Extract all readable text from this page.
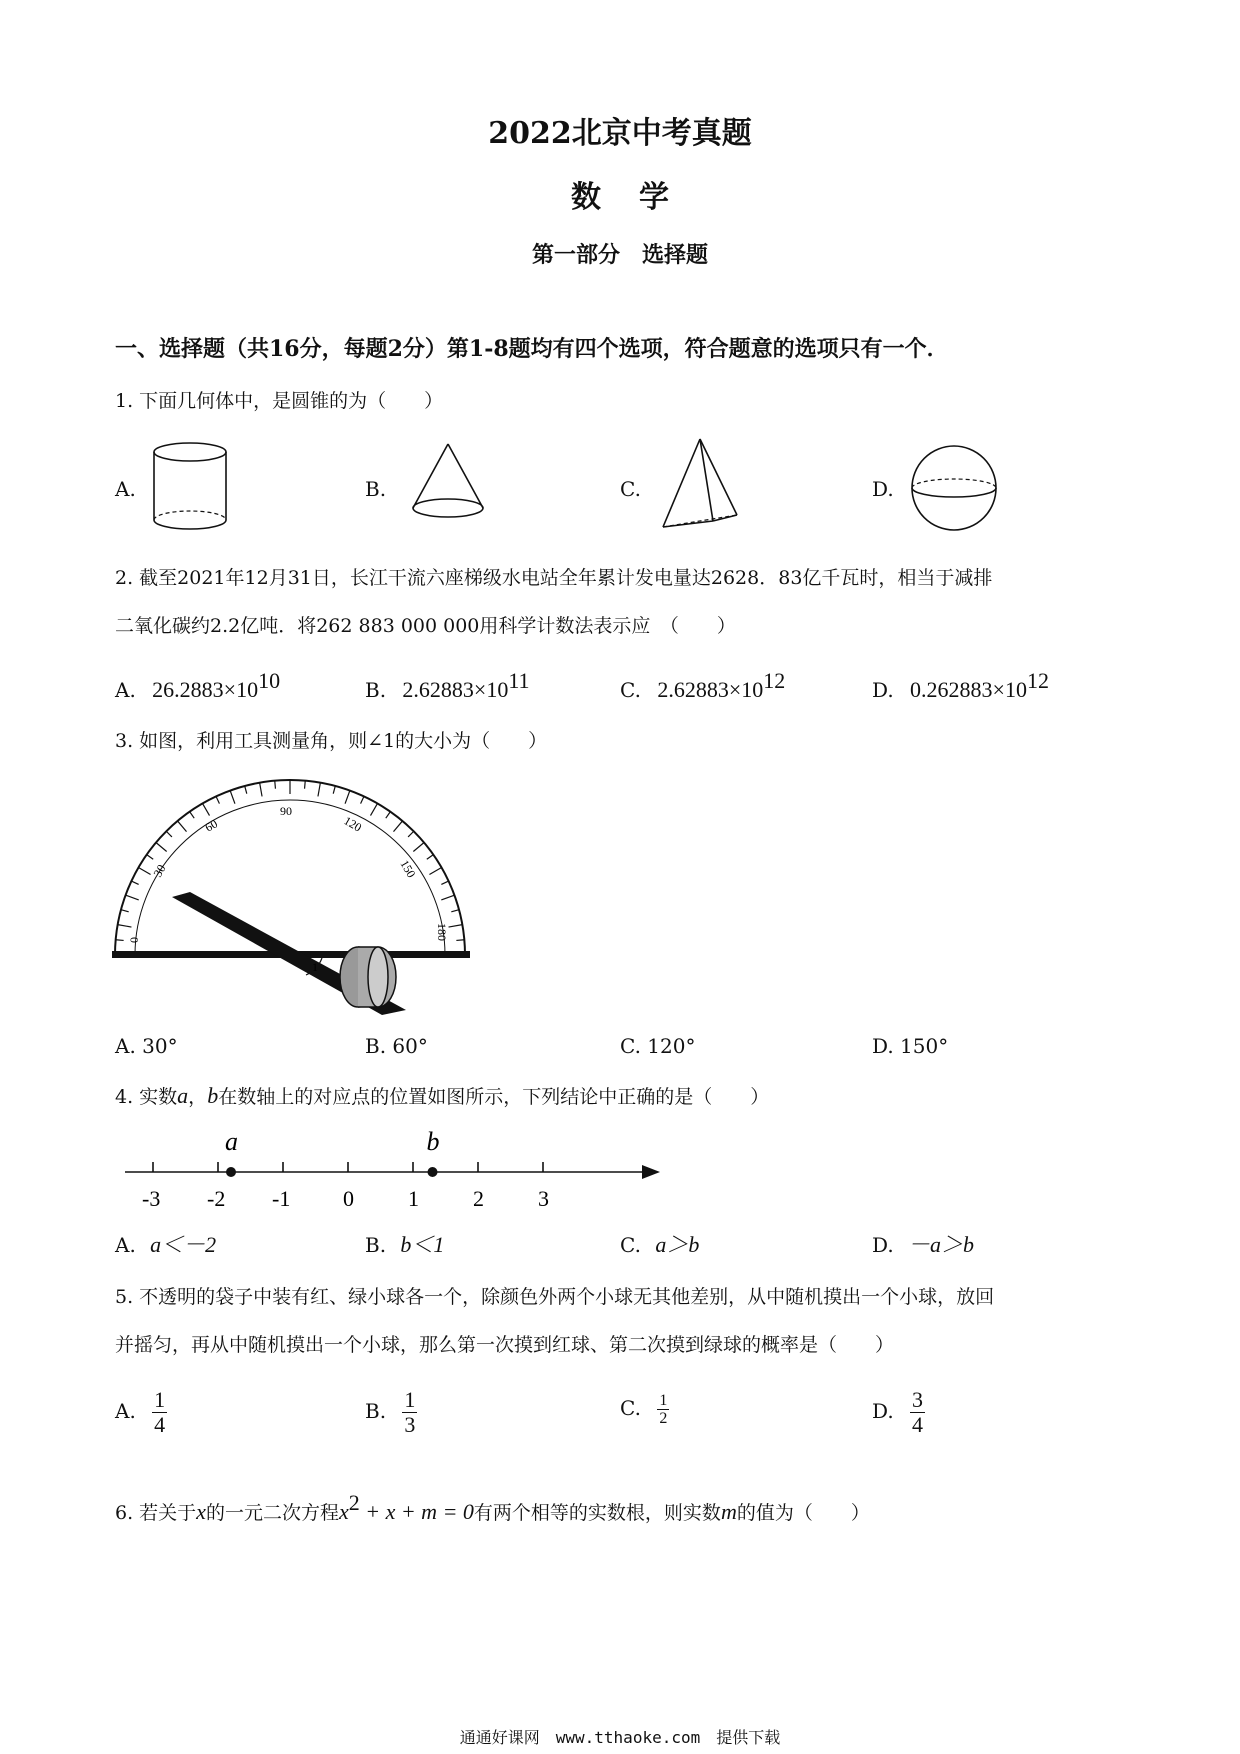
2022北京中考真题
数学
第一部分　选择题
一、选择题（共16分，每题2分）第1-8题均有四个选项，符合题意的选项只有一个．
1. 下面几何体中，是圆锥的为（　　）
A.	B.	C.	D.
2. 截至2021年12月31日，长江干流六座梯级水电站全年累计发电量达2628．83亿千瓦时，相当于减排
二氧化碳约2.2亿吨．将262 883 000 000用科学计数法表示应　（　　）
A. $26.2883\times 10^{10}$	B. $2.62883\times 10^{11}$	C. $2.62883\times 10^{12}$	D. $0.262883\times 10^{12}$
3. 如图，利用工具测量角，则∠1的大小为（　　）
0
30
60
90
120
150
180
1
A. 30°	B. 60°	C. 120°	D. 150°
4. 实数a，b在数轴上的对应点的位置如图所示，下列结论中正确的是（　　）
-3 -2 -1 0 1 2 3
a	b
A. a＜－2	B. b＜1	C. a＞b	D. －a＞b
5. 不透明的袋子中装有红、绿小球各一个，除颜色外两个小球无其他差别，从中随机摸出一个小球，放回
并摇匀，再从中随机摸出一个小球，那么第一次摸到红球、第二次摸到绿球的概率是（　　）
A. $\frac{1}{4}$	B. $\frac{1}{3}$	C. $\frac{1}{2}$	D. $\frac{3}{4}$
6. 若关于x的一元二次方程$x^2 + x + m = 0$有两个相等的实数根，则实数m的值为（　　）
通通好课网　www.tthaoke.com　提供下载
